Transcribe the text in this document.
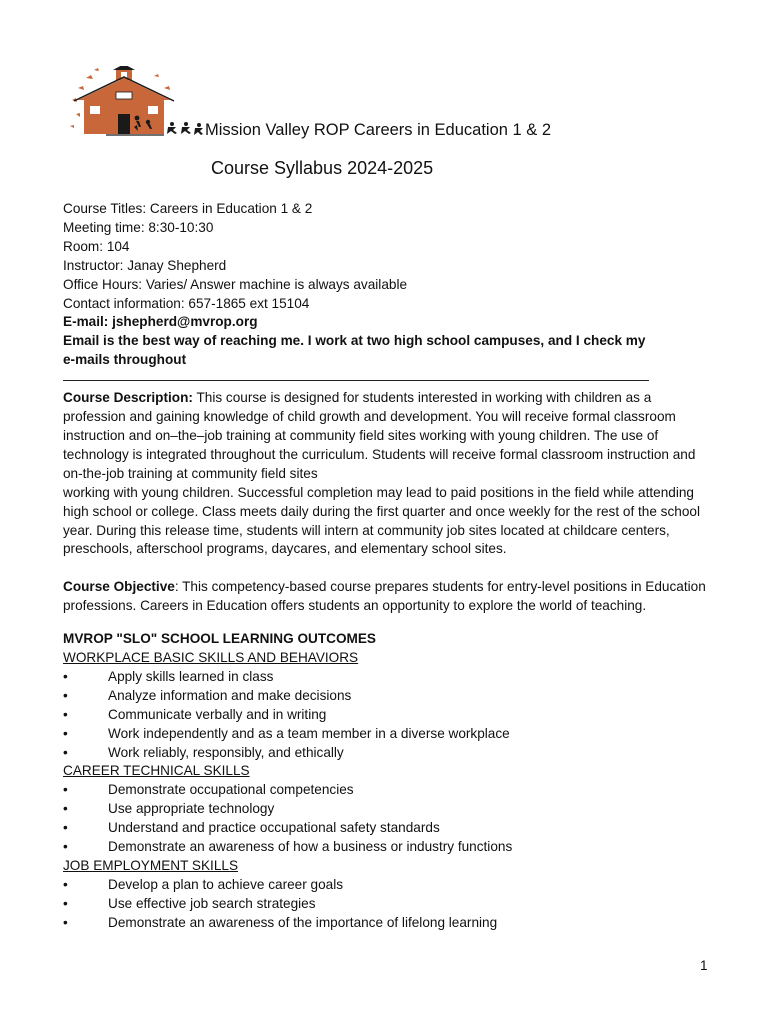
Mission Valley ROP Careers in Education 1 & 2
Course Syllabus 2024-2025
Course Titles: Careers in Education 1 & 2
Meeting time: 8:30-10:30
Room: 104
Instructor: Janay Shepherd
Office Hours: Varies/ Answer machine is always available
Contact information: 657-1865 ext 15104
E-mail: jshepherd@mvrop.org
Email is the best way of reaching me. I work at two high school campuses, and I check my
e-mails throughout

Course Description: This course is designed for students interested in working with children as a profession and gaining knowledge of child growth and development. You will receive formal classroom instruction and on–the–job training at community field sites working with young children. The use of technology is integrated throughout the curriculum. Students will receive formal classroom instruction and on-the-job training at community field sites

working with young children. Successful completion may lead to paid positions in the field while attending high school or college. Class meets daily during the first quarter and once weekly for the rest of the school year. During this release time, students will intern at community job sites located at childcare centers, preschools, afterschool programs, daycares, and elementary school sites.

Course Objective: This competency-based course prepares students for entry-level positions in Education professions. Careers in Education offers students an opportunity to explore the world of teaching.

MVROP "SLO" SCHOOL LEARNING OUTCOMES
WORKPLACE BASIC SKILLS AND BEHAVIORS
•	Apply skills learned in class
•	Analyze information and make decisions
•	Communicate verbally and in writing
•	Work independently and as a team member in a diverse workplace
•	Work reliably, responsibly, and ethically
CAREER TECHNICAL SKILLS
•	Demonstrate occupational competencies
•	Use appropriate technology
•	Understand and practice occupational safety standards
•	Demonstrate an awareness of how a business or industry functions
JOB EMPLOYMENT SKILLS
•	Develop a plan to achieve career goals
•	Use effective job search strategies
•	Demonstrate an awareness of the importance of lifelong learning
1
